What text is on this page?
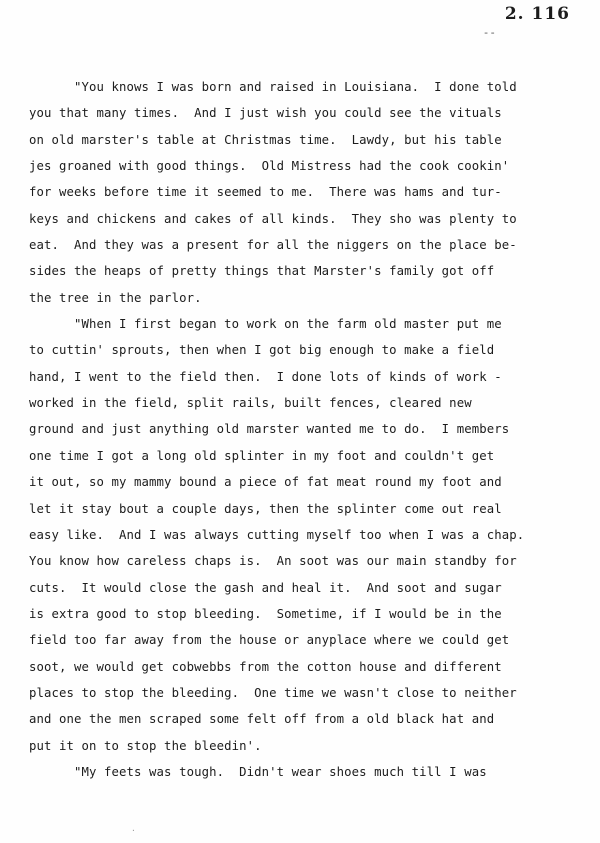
2. 116
--
"You knows I was born and raised in Louisiana.  I done told
you that many times.  And I just wish you could see the vituals
on old marster's table at Christmas time.  Lawdy, but his table
jes groaned with good things.  Old Mistress had the cook cookin'
for weeks before time it seemed to me.  There was hams and tur-
keys and chickens and cakes of all kinds.  They sho was plenty to
eat.  And they was a present for all the niggers on the place be-
sides the heaps of pretty things that Marster's family got off
the tree in the parlor.
"When I first began to work on the farm old master put me
to cuttin' sprouts, then when I got big enough to make a field
hand, I went to the field then.  I done lots of kinds of work -
worked in the field, split rails, built fences, cleared new
ground and just anything old marster wanted me to do.  I members
one time I got a long old splinter in my foot and couldn't get
it out, so my mammy bound a piece of fat meat round my foot and
let it stay bout a couple days, then the splinter come out real
easy like.  And I was always cutting myself too when I was a chap.
You know how careless chaps is.  An soot was our main standby for
cuts.  It would close the gash and heal it.  And soot and sugar
is extra good to stop bleeding.  Sometime, if I would be in the
field too far away from the house or anyplace where we could get
soot, we would get cobwebbs from the cotton house and different
places to stop the bleeding.  One time we wasn't close to neither
and one the men scraped some felt off from a old black hat and
put it on to stop the bleedin'.
"My feets was tough.  Didn't wear shoes much till I was
·
